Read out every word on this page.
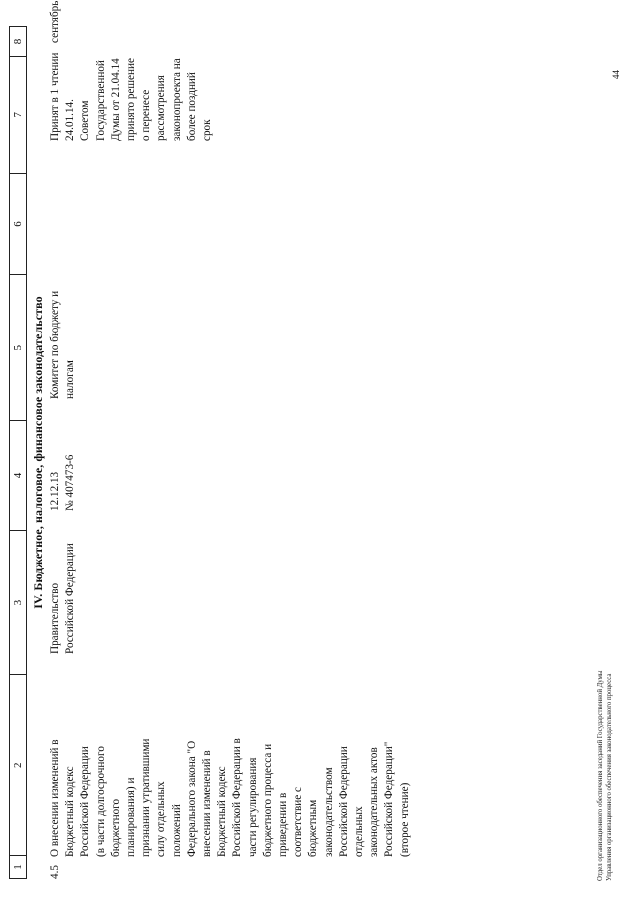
1
2
3
4
5
6
7
8
IV. Бюджетное, налоговое, финансовое законодательство
4.5
О внесении изменений в
Бюджетный кодекс
Российской Федерации
(в части долгосрочного
бюджетного
планирования) и
признании утратившими
силу отдельных
положений
Федерального закона "О
внесении изменений в
Бюджетный кодекс
Российской Федерации в
части регулирования
бюджетного процесса и
приведении в
соответствие с
бюджетным
законодательством
Российской Федерации
отдельных
законодательных актов
Российской Федерации"
(второе чтение)
Правительство
Российской Федерации
12.12.13
№ 407473-6
Комитет по бюджету и
налогам
Принят в 1 чтении
24.01.14.
Советом
Государственной
Думы от 21.04.14
принято решение
о перенесе
рассмотрения
законопроекта на
более поздний
срок
сентябрь
Отдел организационного обеспечения заседаний Государственной Думы Управления организационного обеспечения законодательного процесса
44
